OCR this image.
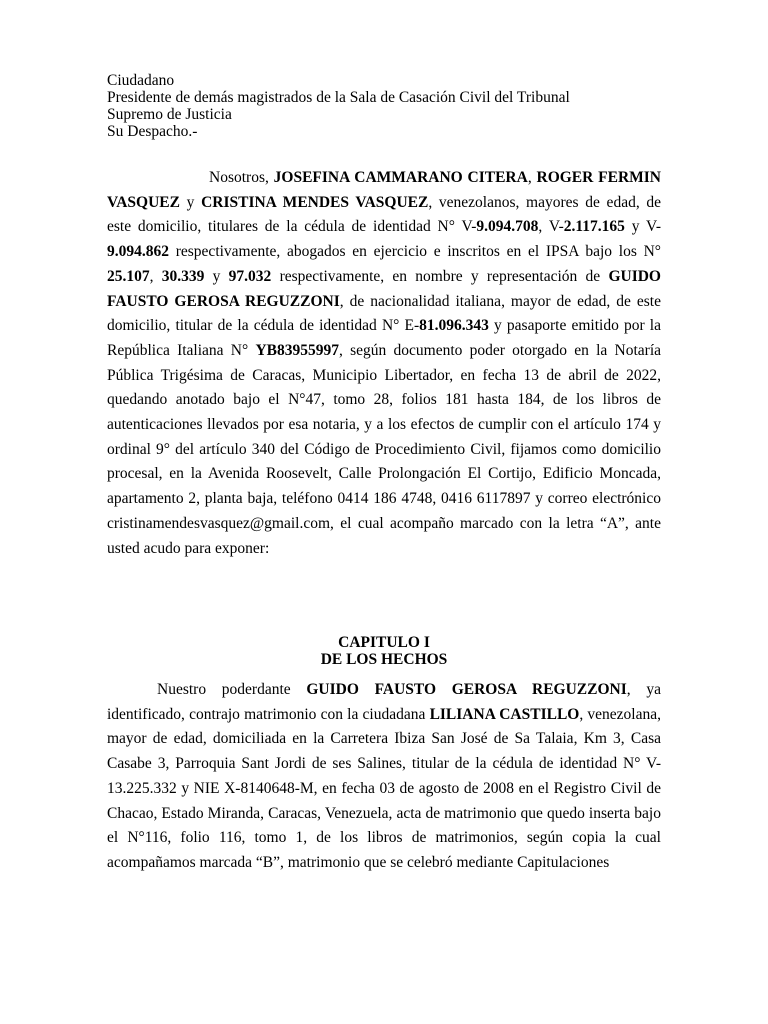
Ciudadano
Presidente de demás magistrados de la Sala de Casación Civil del Tribunal
Supremo de Justicia
Su Despacho.-

Nosotros, JOSEFINA CAMMARANO CITERA, ROGER FERMIN VASQUEZ y CRISTINA MENDES VASQUEZ, venezolanos, mayores de edad, de este domicilio, titulares de la cédula de identidad N° V-9.094.708, V-2.117.165 y V-9.094.862 respectivamente, abogados en ejercicio e inscritos en el IPSA bajo los N° 25.107, 30.339 y 97.032 respectivamente, en nombre y representación de GUIDO FAUSTO GEROSA REGUZZONI, de nacionalidad italiana, mayor de edad, de este domicilio, titular de la cédula de identidad N° E-81.096.343 y pasaporte emitido por la República Italiana N° YB83955997, según documento poder otorgado en la Notaría Pública Trigésima de Caracas, Municipio Libertador, en fecha 13 de abril de 2022, quedando anotado bajo el N°47, tomo 28, folios 181 hasta 184, de los libros de autenticaciones llevados por esa notaria, y a los efectos de cumplir con el artículo 174 y ordinal 9° del artículo 340 del Código de Procedimiento Civil, fijamos como domicilio procesal, en la Avenida Roosevelt, Calle Prolongación El Cortijo, Edificio Moncada, apartamento 2, planta baja, teléfono 0414 186 4748, 0416 6117897 y correo electrónico cristinamendesvasquez@gmail.com, el cual acompaño marcado con la letra “A”, ante usted acudo para exponer:

CAPITULO I
DE LOS HECHOS

Nuestro poderdante GUIDO FAUSTO GEROSA REGUZZONI, ya identificado, contrajo matrimonio con la ciudadana LILIANA CASTILLO, venezolana, mayor de edad, domiciliada en la Carretera Ibiza San José de Sa Talaia, Km 3, Casa Casabe 3, Parroquia Sant Jordi de ses Salines, titular de la cédula de identidad N° V-13.225.332 y NIE X-8140648-M, en fecha 03 de agosto de 2008 en el Registro Civil de Chacao, Estado Miranda, Caracas, Venezuela, acta de matrimonio que quedo inserta bajo el N°116, folio 116, tomo 1, de los libros de matrimonios, según copia la cual acompañamos marcada “B”, matrimonio que se celebró mediante Capitulaciones
